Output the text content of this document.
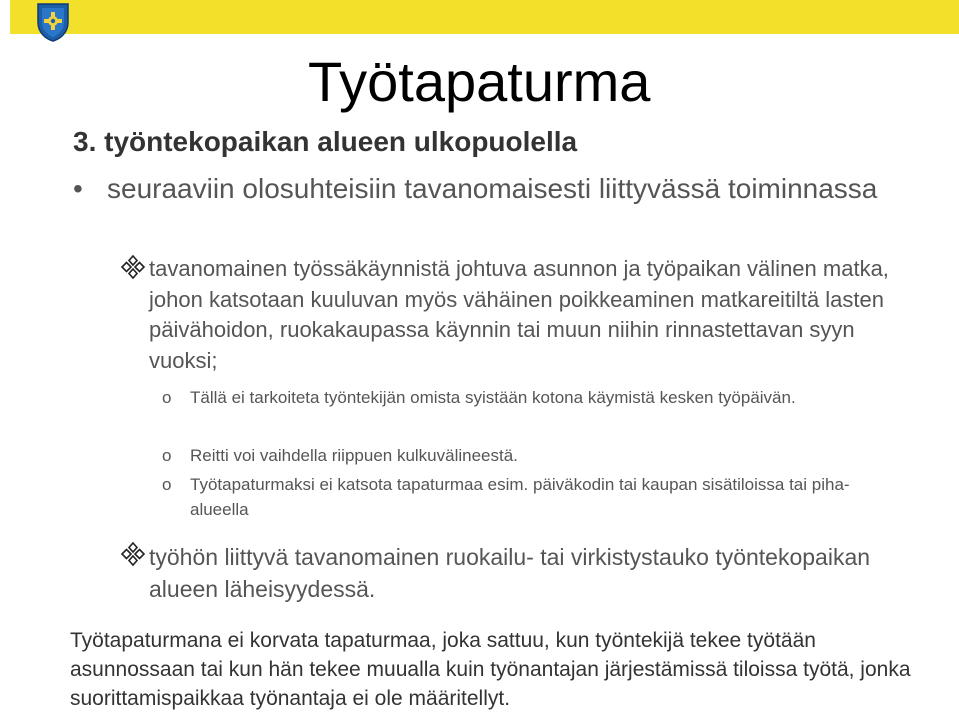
Työtapaturma
3. työntekopaikan alueen ulkopuolella
• seuraaviin olosuhteisiin tavanomaisesti liittyvässä toiminnassa
tavanomainen työssäkäynnistä johtuva asunnon ja työpaikan välinen matka, johon katsotaan kuuluvan myös vähäinen poikkeaminen matkareitiltä lasten päivähoidon, ruokakaupassa käynnin tai muun niihin rinnastettavan syyn vuoksi;
o Tällä ei tarkoiteta työntekijän omista syistään kotona käymistä kesken työpäivän.
o Reitti voi vaihdella riippuen kulkuvälineestä.
o Työtapaturmaksi ei katsota tapaturmaa esim. päiväkodin tai kaupan sisätiloissa tai piha-alueella
työhön liittyvä tavanomainen ruokailu- tai virkistystauko työntekopaikan alueen läheisyydessä.
Työtapaturmana ei korvata tapaturmaa, joka sattuu, kun työntekijä tekee työtään asunnossaan tai kun hän tekee muualla kuin työnantajan järjestämissä tiloissa työtä, jonka suorittamispaikkaa työnantaja ei ole määritellyt.
